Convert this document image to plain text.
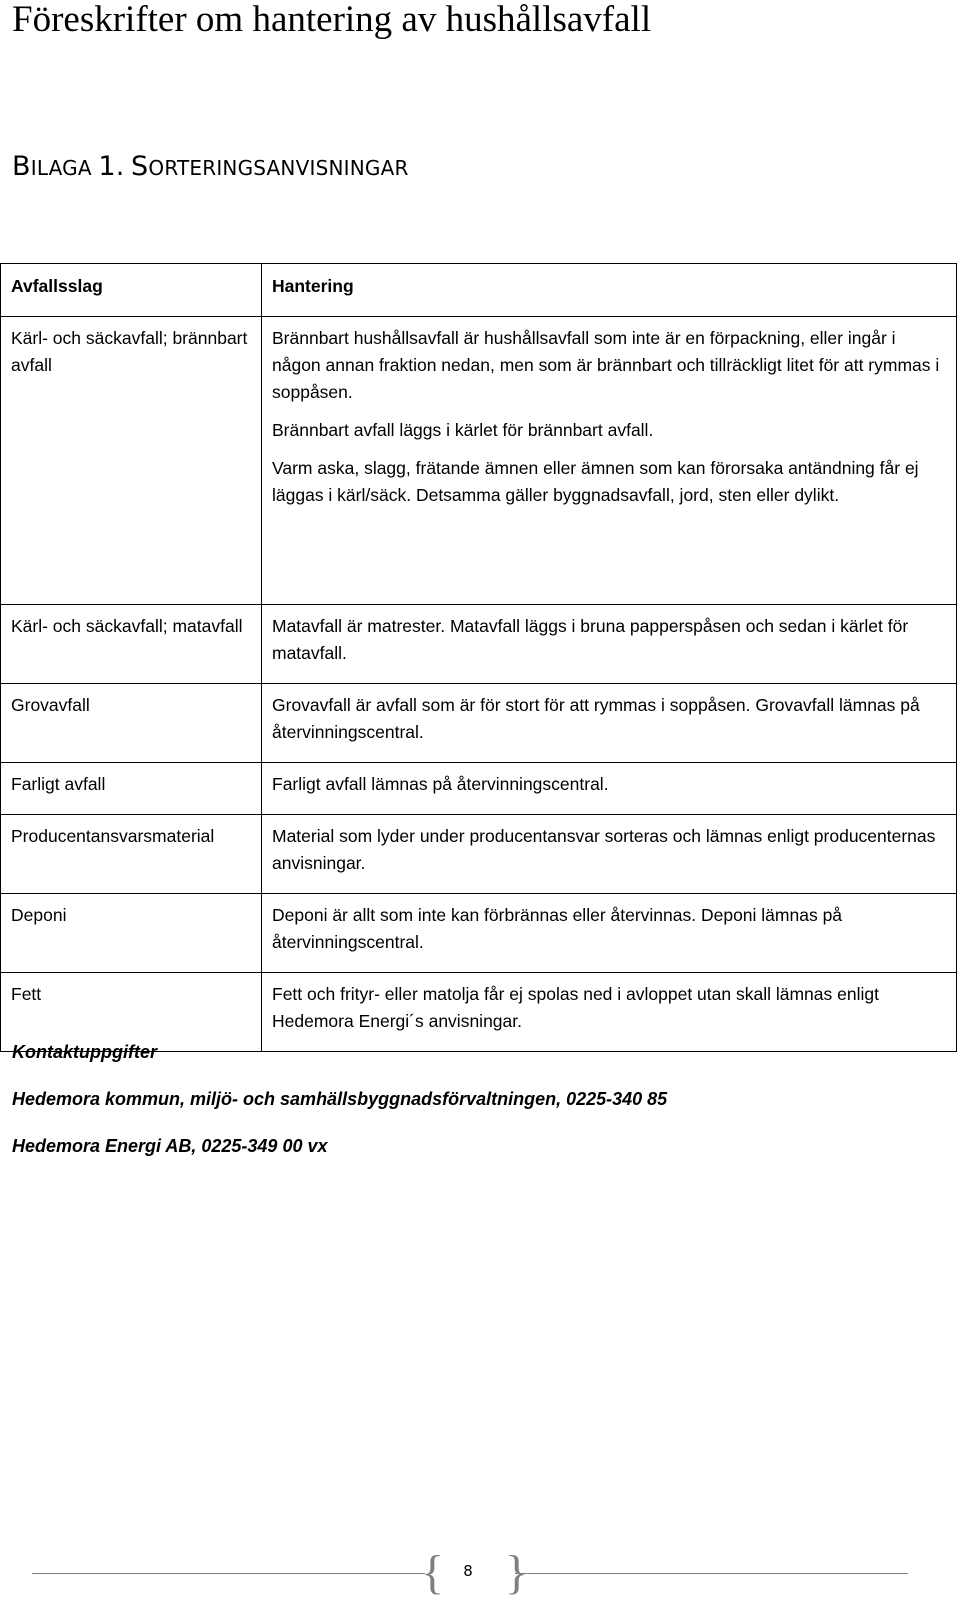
Föreskrifter om hantering av hushållsavfall
BILAGA 1. SORTERINGSANVISNINGAR
Avfallsslag	Hantering

Kärl- och säckavfall; brännbart avfall	Brännbart hushållsavfall är hushållsavfall som inte är en förpackning, eller ingår i någon annan fraktion nedan, men som är brännbart och tillräckligt litet för att rymmas i soppåsen.

Brännbart avfall läggs i kärlet för brännbart avfall.

Varm aska, slagg, frätande ämnen eller ämnen som kan förorsaka antändning får ej läggas i kärl/säck. Detsamma gäller byggnadsavfall, jord, sten eller dylikt.

Kärl- och säckavfall; matavfall	Matavfall är matrester. Matavfall läggs i bruna papperspåsen och sedan i kärlet för matavfall.

Grovavfall	Grovavfall är avfall som är för stort för att rymmas i soppåsen. Grovavfall lämnas på återvinningscentral.

Farligt avfall	Farligt avfall lämnas på återvinningscentral.

Producentansvarsmaterial	Material som lyder under producentansvar sorteras och lämnas enligt producenternas anvisningar.

Deponi	Deponi är allt som inte kan förbrännas eller återvinnas. Deponi lämnas på återvinningscentral.

Fett	Fett och frityr- eller matolja får ej spolas ned i avloppet utan skall lämnas enligt Hedemora Energi´s anvisningar.

Kontaktuppgifter

Hedemora kommun, miljö- och samhällsbyggnadsförvaltningen, 0225-340 85

Hedemora Energi AB, 0225-349 00 vx

{ }
8
